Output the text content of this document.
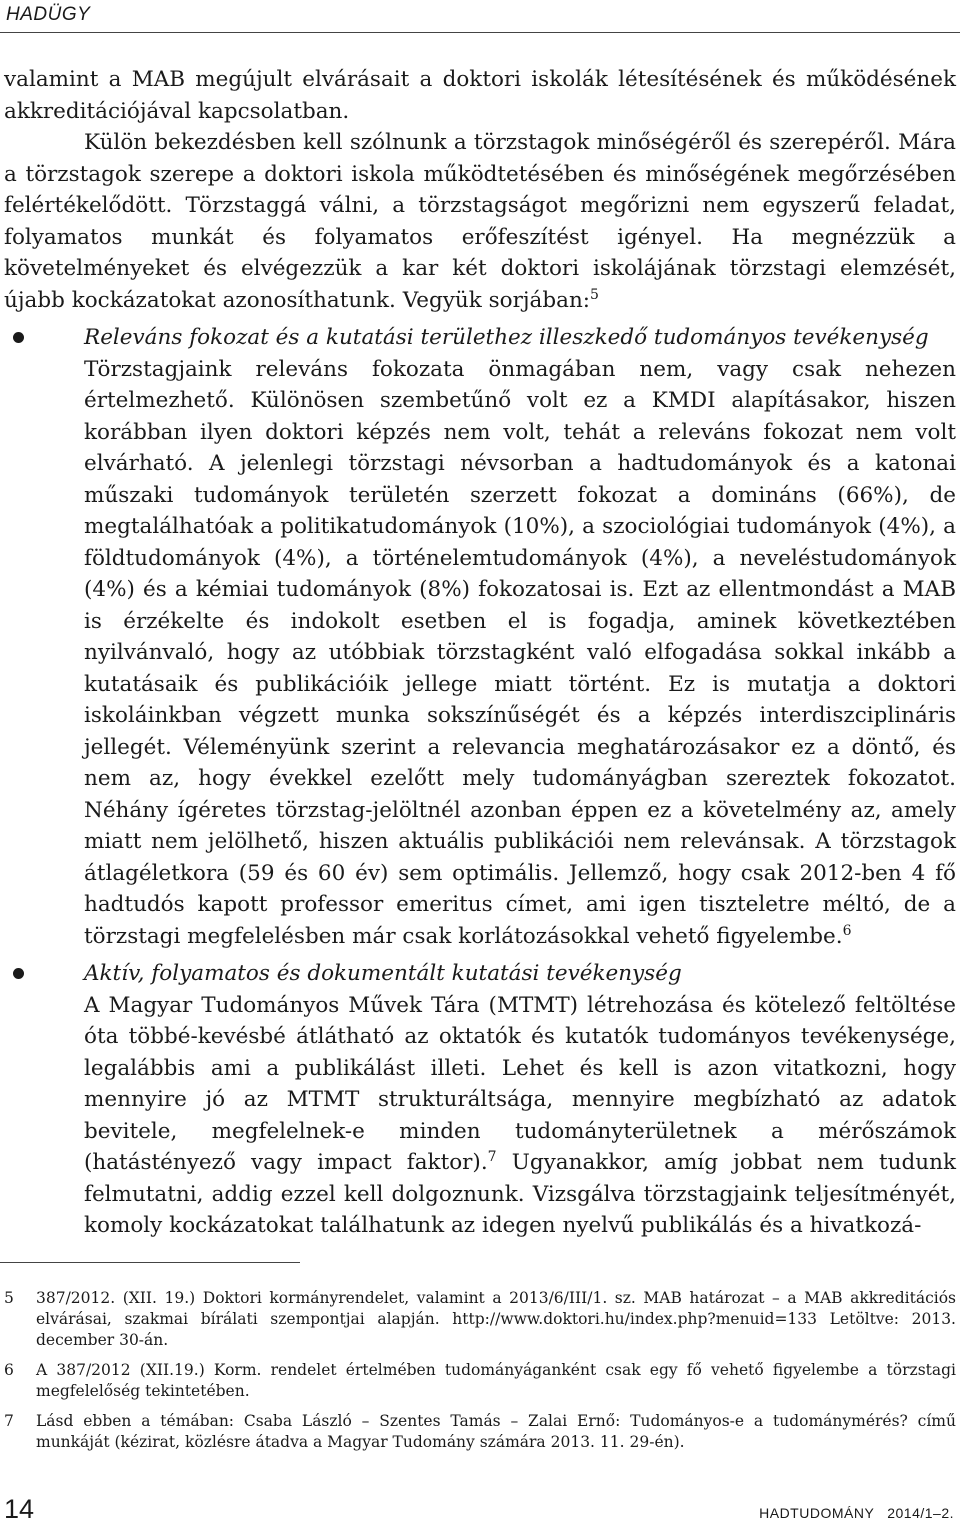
HADÜGY

valamint a MAB megújult elvárásait a doktori iskolák létesítésének és működésének akkreditációjával kapcsolatban.

Külön bekezdésben kell szólnunk a törzstagok minőségéről és szerepéről. Mára a törzstagok szerepe a doktori iskola működtetésében és minőségének megőrzésében felértékelődött. Törzstaggá válni, a törzstagságot megőrizni nem egyszerű feladat, folyamatos munkát és folyamatos erőfeszítést igényel. Ha megnézzük a követelményeket és elvégezzük a kar két doktori iskolájának törzstagi elemzését, újabb kockázatokat azonosíthatunk. Vegyük sorjában:$^5$

Releváns fokozat és a kutatási területhez illeszkedő tudományos tevékenység
Törzstagjaink releváns fokozata önmagában nem, vagy csak nehezen értelmezhető. Különösen szembetűnő volt ez a KMDI alapításakor, hiszen korábban ilyen doktori képzés nem volt, tehát a releváns fokozat nem volt elvárható. A jelenlegi törzstagi névsorban a hadtudományok és a katonai műszaki tudományok területén szerzett fokozat a domináns (66%), de megtalálhatóak a politikatudományok (10%), a szociológiai tudományok (4%), a földtudományok (4%), a történelemtudományok (4%), a neveléstudományok (4%) és a kémiai tudományok (8%) fokozatosai is. Ezt az ellentmondást a MAB is érzékelte és indokolt esetben el is fogadja, aminek következtében nyilvánvaló, hogy az utóbbiak törzstagként való elfogadása sokkal inkább a kutatásaik és publikációik jellege miatt történt. Ez is mutatja a doktori iskoláinkban végzett munka sokszínűségét és a képzés interdiszciplináris jellegét. Véleményünk szerint a relevancia meghatározásakor ez a döntő, és nem az, hogy évekkel ezelőtt mely tudományágban szereztek fokozatot. Néhány ígéretes törzstag-jelöltnél azonban éppen ez a követelmény az, amely miatt nem jelölhető, hiszen aktuális publikációi nem relevánsak. A törzstagok átlagéletkora (59 és 60 év) sem optimális. Jellemző, hogy csak 2012-ben 4 fő hadtudós kapott professor emeritus címet, ami igen tiszteletre méltó, de a törzstagi megfelelésben már csak korlátozásokkal vehető figyelembe.$^6$
Aktív, folyamatos és dokumentált kutatási tevékenység
A Magyar Tudományos Művek Tára (MTMT) létrehozása és kötelező feltöltése óta többé-kevésbé átlátható az oktatók és kutatók tudományos tevékenysége, legalábbis ami a publikálást illeti. Lehet és kell is azon vitatkozni, hogy mennyire jó az MTMT strukturáltsága, mennyire megbízható az adatok bevitele, megfelelnek-e minden tudományterületnek a mérőszámok (hatástényező vagy impact faktor).$^7$ Ugyanakkor, amíg jobbat nem tudunk felmutatni, addig ezzel kell dolgoznunk. Vizsgálva törzstagjaink teljesítményét, komoly kockázatokat találhatunk az idegen nyelvű publikálás és a hivatkozá-
5 387/2012. (XII. 19.) Doktori kormányrendelet, valamint a 2013/6/III/1. sz. MAB határozat – a MAB akkreditációs elvárásai, szakmai bírálati szempontjai alapján. http://www.doktori.hu/index.php?menuid=133 Letöltve: 2013. december 30-án.
6 A 387/2012 (XII.19.) Korm. rendelet értelmében tudományáganként csak egy fő vehető figyelembe a törzstagi megfelelőség tekintetében.
7 Lásd ebben a témában: Csaba László – Szentes Tamás – Zalai Ernő: Tudományos-e a tudománymérés? című munkáját (kézirat, közlésre átadva a Magyar Tudomány számára 2013. 11. 29-én).
14	HADTUDOMÁNY   2014/1–2.
